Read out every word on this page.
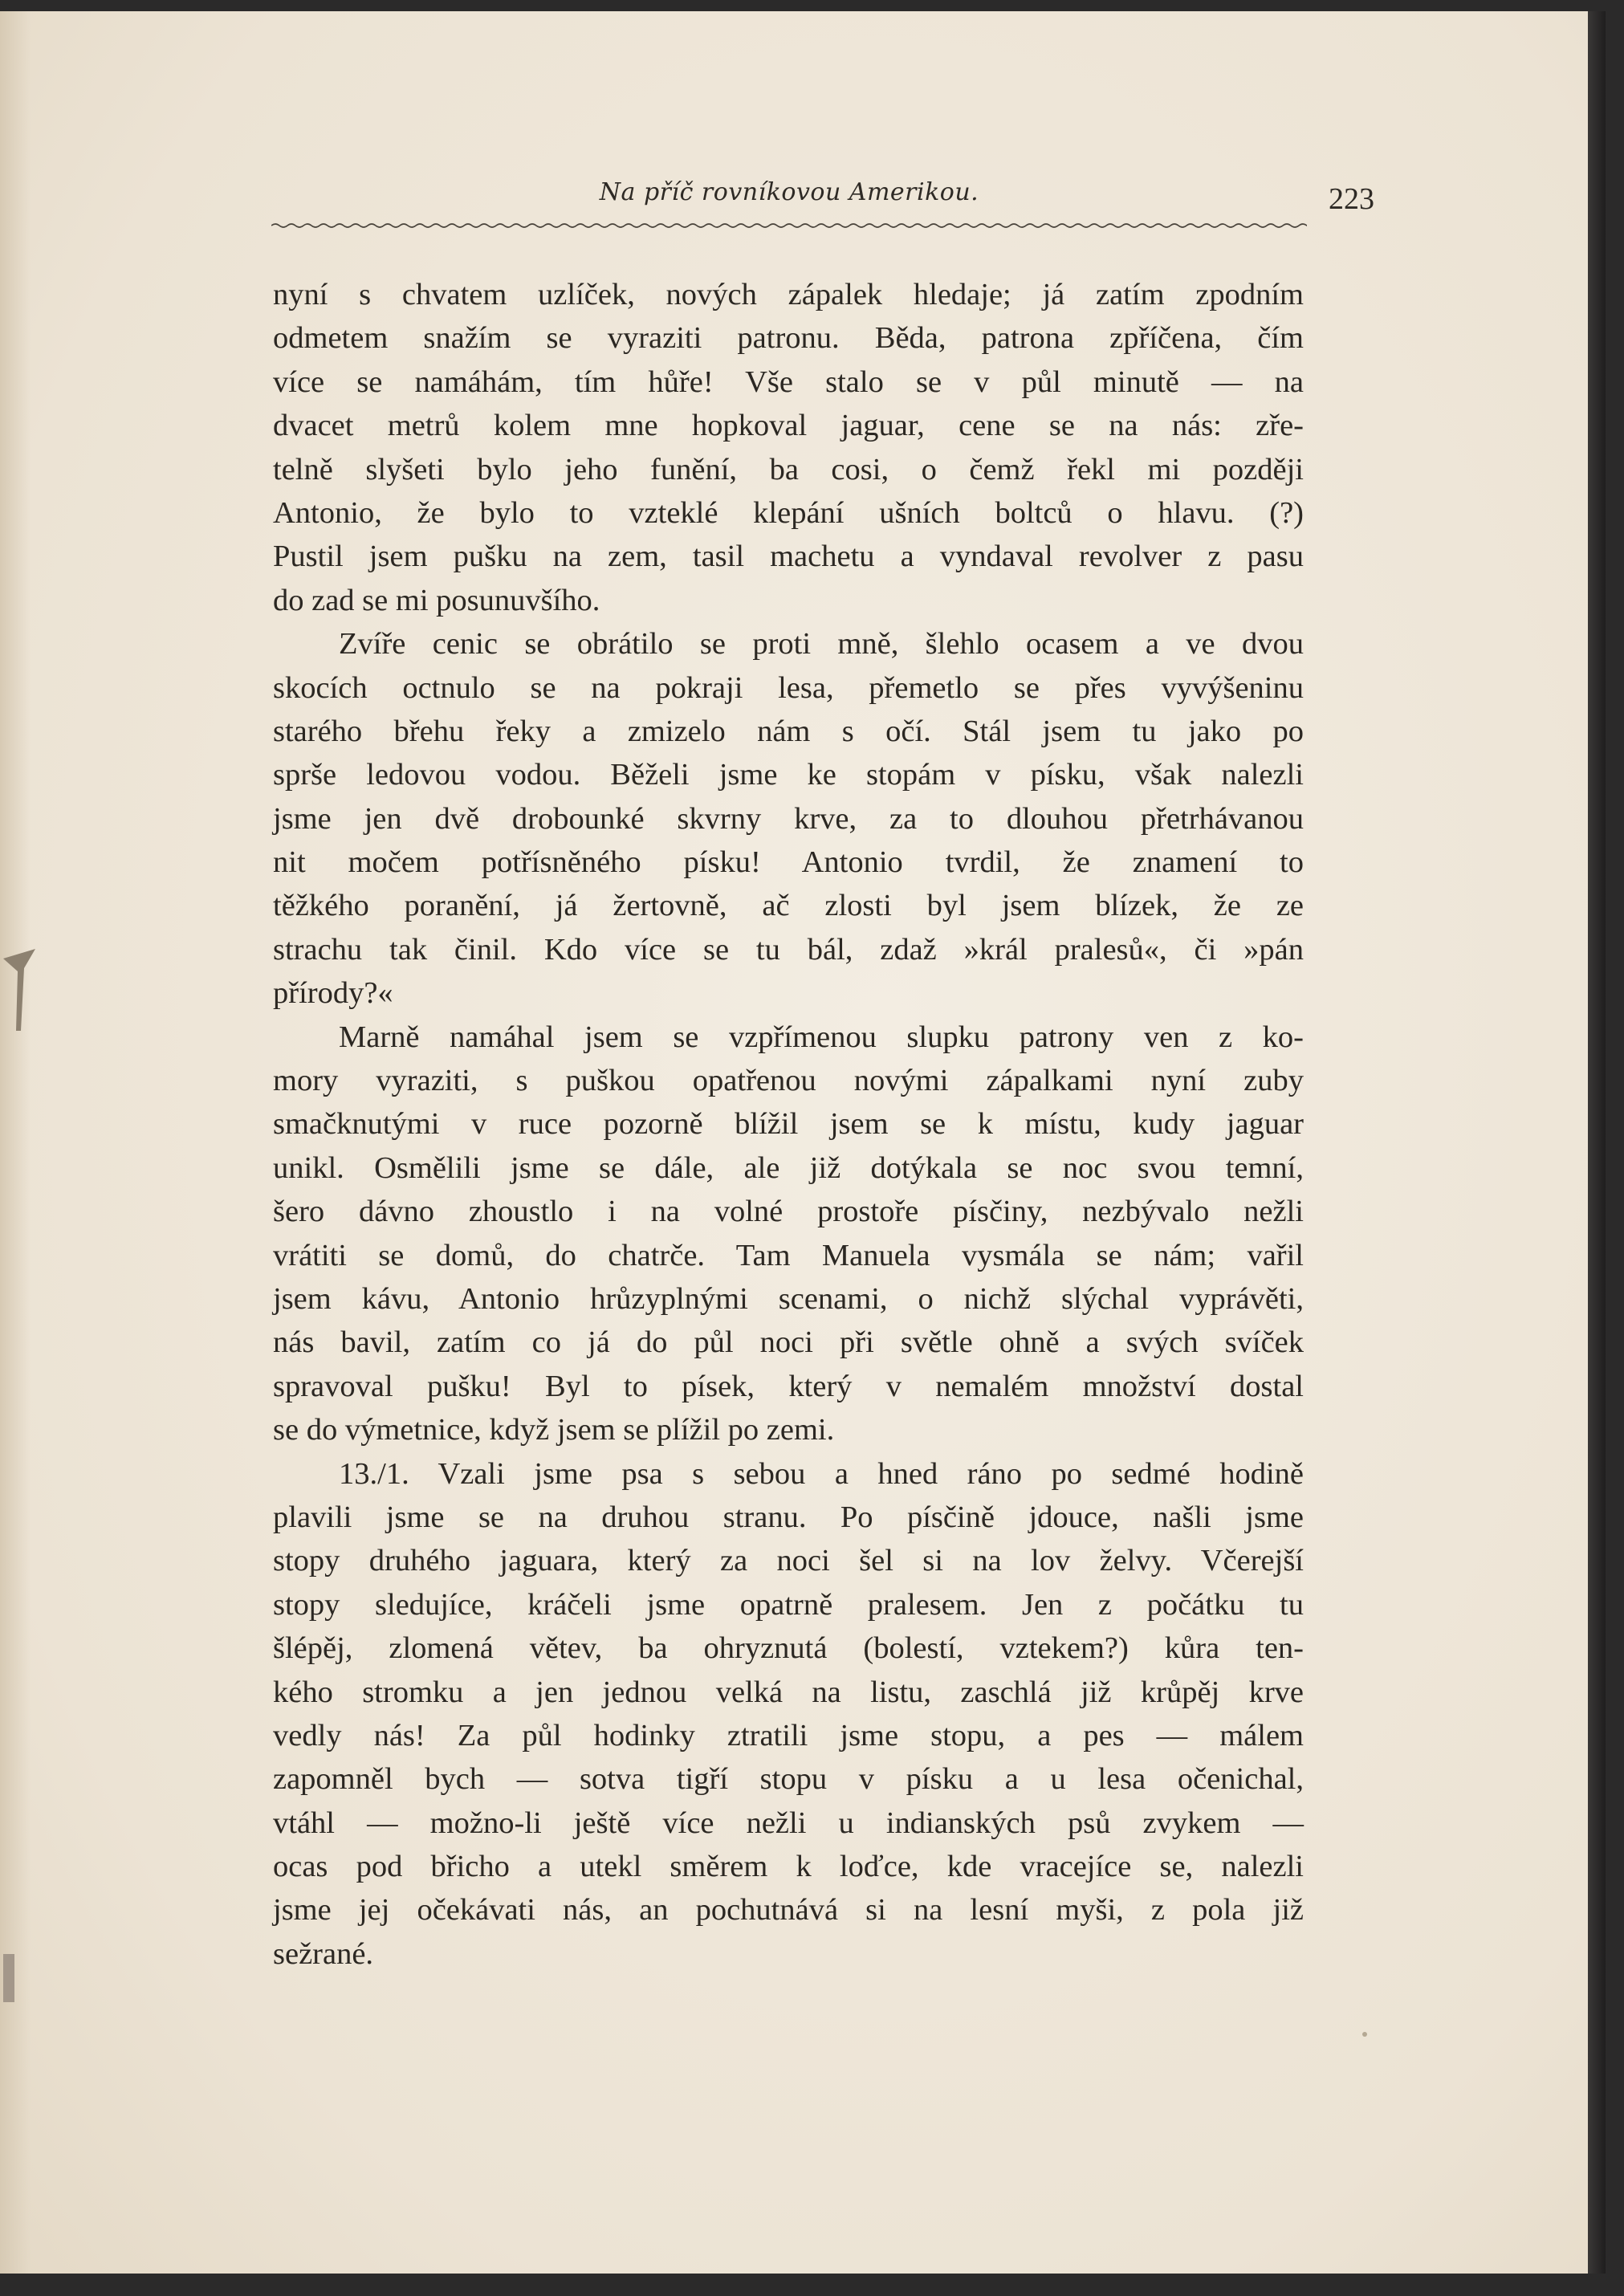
Na příč rovníkovou Amerikou.	223
nyní s chvatem uzlíček, nových zápalek hledaje; já zatím zpodním
odmetem snažím se vyraziti patronu. Běda, patrona zpříčena, čím
více se namáhám, tím hůře! Vše stalo se v půl minutě — na
dvacet metrů kolem mne hopkoval jaguar, cene se na nás: zře-
telně slyšeti bylo jeho funění, ba cosi, o čemž řekl mi později
Antonio, že bylo to vzteklé klepání ušních boltců o hlavu. (?)
Pustil jsem pušku na zem, tasil machetu a vyndaval revolver z pasu
do zad se mi posunuvšího.
Zvíře cenic se obrátilo se proti mně, šlehlo ocasem a ve dvou
skocích octnulo se na pokraji lesa, přemetlo se přes vyvýšeninu
starého břehu řeky a zmizelo nám s očí. Stál jsem tu jako po
sprše ledovou vodou. Běželi jsme ke stopám v písku, však nalezli
jsme jen dvě drobounké skvrny krve, za to dlouhou přetrhávanou
nit močem potřísněného písku! Antonio tvrdil, že znamení to
těžkého poranění, já žertovně, ač zlosti byl jsem blízek, že ze
strachu tak činil. Kdo více se tu bál, zdaž »král pralesů«, či »pán
přírody?«
Marně namáhal jsem se vzpřímenou slupku patrony ven z ko-
mory vyraziti, s puškou opatřenou novými zápalkami nyní zuby
smačknutými v ruce pozorně blížil jsem se k místu, kudy jaguar
unikl. Osmělili jsme se dále, ale již dotýkala se noc svou temní,
šero dávno zhoustlo i na volné prostoře písčiny, nezbývalo nežli
vrátiti se domů, do chatrče. Tam Manuela vysmála se nám; vařil
jsem kávu, Antonio hrůzyplnými scenami, o nichž slýchal vyprávěti,
nás bavil, zatím co já do půl noci při světle ohně a svých svíček
spravoval pušku! Byl to písek, který v nemalém množství dostal
se do výmetnice, když jsem se plížil po zemi.
13./1. Vzali jsme psa s sebou a hned ráno po sedmé hodině
plavili jsme se na druhou stranu. Po písčině jdouce, našli jsme
stopy druhého jaguara, který za noci šel si na lov želvy. Včerejší
stopy sledujíce, kráčeli jsme opatrně pralesem. Jen z počátku tu
šlépěj, zlomená větev, ba ohryznutá (bolestí, vztekem?) kůra ten-
kého stromku a jen jednou velká na listu, zaschlá již krůpěj krve
vedly nás! Za půl hodinky ztratili jsme stopu, a pes — málem
zapomněl bych — sotva tigří stopu v písku a u lesa očenichal,
vtáhl — možno-li ještě více nežli u indianských psů zvykem —
ocas pod břicho a utekl směrem k loďce, kde vracejíce se, nalezli
jsme jej očekávati nás, an pochutnává si na lesní myši, z pola již
sežrané.
